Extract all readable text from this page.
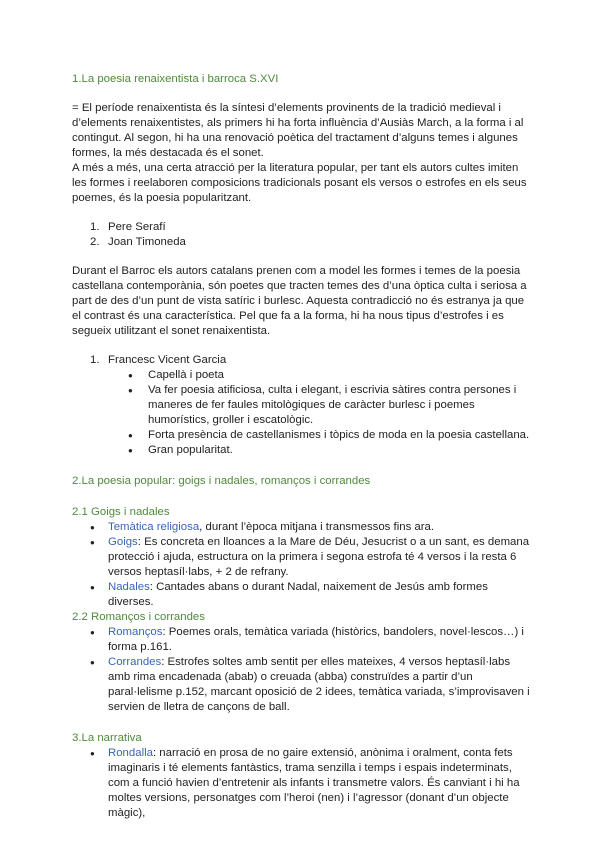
1.La poesia renaixentista i barroca S.XVI

= El període renaixentista és la síntesi d’elements provinents de la tradició medieval i d’elements renaixentistes, als primers hi ha forta influència d’Ausiàs March, a la forma i al contingut. Al segon, hi ha una renovació poètica del tractament d’alguns temes i algunes formes, la més destacada és el sonet.

A més a més, una certa atracció per la literatura popular, per tant els autors cultes imiten les formes i reelaboren composicions tradicionals posant els versos o estrofes en els seus poemes, és la poesia popularitzant.

1. Pere Serafí
2. Joan Timoneda

Durant el Barroc els autors catalans prenen com a model les formes i temes de la poesia castellana contemporània, són poetes que tracten temes des d’una òptica culta i seriosa a part de des d’un punt de vista satíric i burlesc. Aquesta contradicció no és estranya ja que el contrast és una característica. Pel que fa a la forma, hi ha nous tipus d’estrofes i es segueix utilitzant el sonet renaixentista.

1. Francesc Vicent Garcia
● Capellà i poeta
● Va fer poesia atificiosa, culta i elegant, i escrivia sàtires contra persones i maneres de fer faules mitològiques de caràcter burlesc i poemes humorístics, groller i escatològic.
● Forta presència de castellanismes i tòpics de moda en la poesia castellana.
● Gran popularitat.

2.La poesia popular: goigs i nadales, romanços i corrandes

2.1 Goigs i nadales

● Temàtica religiosa, durant l’època mitjana i transmessos fins ara.
● Goigs: Es concreta en lloances a la Mare de Déu, Jesucrist o a un sant, es demana protecció i ajuda, estructura on la primera i segona estrofa té 4 versos i la resta 6 versos heptasíl·labs, + 2 de refrany.
● Nadales: Cantades abans o durant Nadal, naixement de Jesús amb formes diverses.

2.2 Romanços i corrandes

● Romanços: Poemes orals, temàtica variada (històrics, bandolers, novel·lescos…) i forma p.161.
● Corrandes: Estrofes soltes amb sentit per elles mateixes, 4 versos heptasíl·labs amb rima encadenada (abab) o creuada (abba) construïdes a partir d’un paral·lelisme p.152, marcant oposició de 2 idees, temàtica variada, s’improvisaven i servien de lletra de cançons de ball.

3.La narrativa

● Rondalla: narració en prosa de no gaire extensió, anònima i oralment, conta fets imaginaris i té elements fantàstics, trama senzilla i temps i espais indeterminats, com a funció havien d’entretenir als infants i transmetre valors. És canviant i hi ha moltes versions, personatges com l’heroi (nen) i l’agressor (donant d’un objecte màgic),
